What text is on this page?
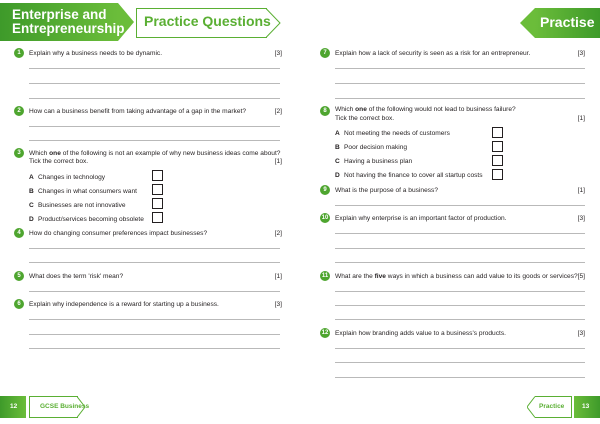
Enterprise and
Entrepreneurship Practice Questions	Practise
1	Explain why a business needs to be dynamic.	[3]
2	How can a business benefit from taking advantage of a gap in the market?	[2]
3	Which one of the following is not an example of why new business ideas come about?
Tick the correct box.	[1]
A Changes in technology
B Changes in what consumers want
C Businesses are not innovative
D Product/services becoming obsolete
4	How do changing consumer preferences impact businesses?	[2]
5	What does the term 'risk' mean?	[1]
6	Explain why independence is a reward for starting up a business.	[3]
7	Explain how a lack of security is seen as a risk for an entrepreneur.	[3]
8	Which one of the following would not lead to business failure?
Tick the correct box.	[1]
A Not meeting the needs of customers
B Poor decision making
C Having a business plan
D Not having the finance to cover all startup costs
9	What is the purpose of a business?	[1]
10 Explain why enterprise is an important factor of production.	[3]
11 What are the five ways in which a business can add value to its goods or services? [5]
12 Explain how branding adds value to a business's products.	[3]
12	GCSE Business	Practice	13
